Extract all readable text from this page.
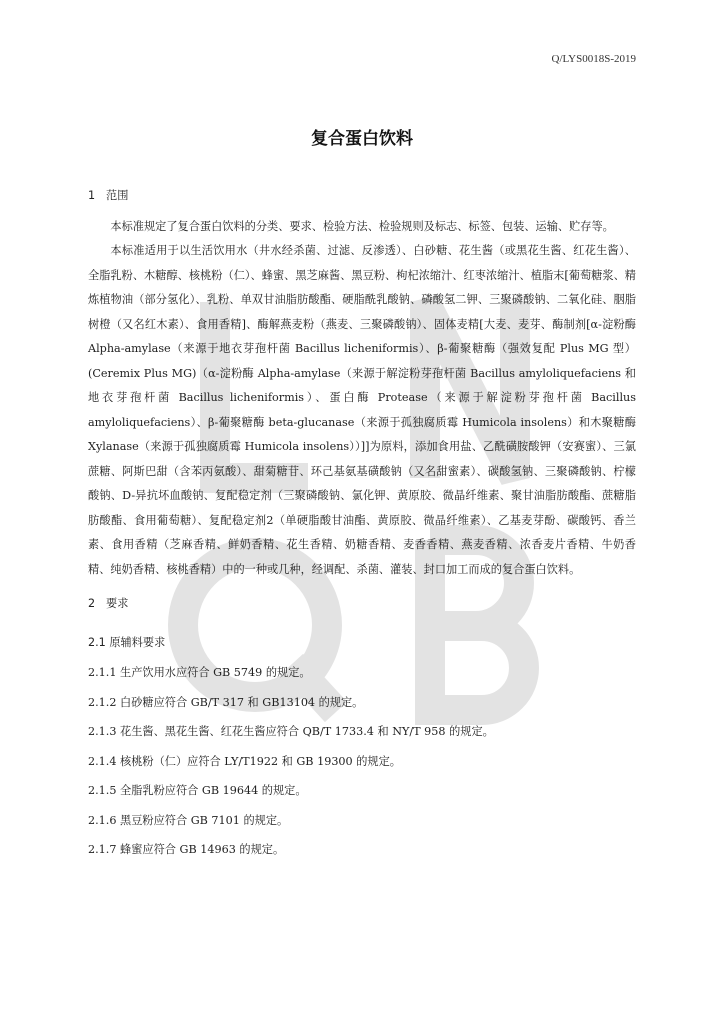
Q/LYS0018S-2019
复合蛋白饮料

1 范围

本标准规定了复合蛋白饮料的分类、要求、检验方法、检验规则及标志、标签、包装、运输、贮存等。

本标准适用于以生活饮用水（井水经杀菌、过滤、反渗透）、白砂糖、花生酱（或黑花生酱、红花生酱）、全脂乳粉、木糖醇、核桃粉（仁）、蜂蜜、黑芝麻酱、黑豆粉、枸杞浓缩汁、红枣浓缩汁、植脂末[葡萄糖浆、精炼植物油（部分氢化）、乳粉、单双甘油脂肪酸酯、硬脂酰乳酸钠、磷酸氢二钾、三聚磷酸钠、二氧化硅、胭脂树橙（又名红木素）、食用香精]、酶解燕麦粉（燕麦、三聚磷酸钠）、固体麦精[大麦、麦芽、酶制剂[α-淀粉酶 Alpha-amylase（来源于地衣芽孢杆菌 Bacillus licheniformis）、β-葡聚糖酶（强效复配 Plus MG 型）(Ceremix Plus MG)（α-淀粉酶 Alpha-amylase（来源于解淀粉芽孢杆菌 Bacillus amyloliquefaciens 和地衣芽孢杆菌 Bacillus licheniformis）、蛋白酶 Protease（来源于解淀粉芽孢杆菌 Bacillus amyloliquefaciens）、β-葡聚糖酶 beta-glucanase（来源于孤独腐质霉 Humicola insolens）和木聚糖酶 Xylanase（来源于孤独腐质霉 Humicola insolens））]]为原料，添加食用盐、乙酰磺胺酸钾（安赛蜜）、三氯蔗糖、阿斯巴甜（含苯丙氨酸）、甜菊糖苷、环己基氨基磺酸钠（又名甜蜜素）、碳酸氢钠、三聚磷酸钠、柠檬酸钠、D-异抗坏血酸钠、复配稳定剂（三聚磷酸钠、氯化钾、黄原胶、微晶纤维素、聚甘油脂肪酸酯、蔗糖脂肪酸酯、食用葡萄糖）、复配稳定剂2（单硬脂酸甘油酯、黄原胶、微晶纤维素）、乙基麦芽酚、碳酸钙、香兰素、食用香精（芝麻香精、鲜奶香精、花生香精、奶糖香精、麦香香精、燕麦香精、浓香麦片香精、牛奶香精、纯奶香精、核桃香精）中的一种或几种，经调配、杀菌、灌装、封口加工而成的复合蛋白饮料。

2 要求

2.1 原辅料要求

2.1.1 生产饮用水应符合 GB 5749 的规定。

2.1.2 白砂糖应符合 GB/T 317 和 GB13104 的规定。

2.1.3 花生酱、黑花生酱、红花生酱应符合 QB/T 1733.4 和 NY/T 958 的规定。

2.1.4 核桃粉（仁）应符合 LY/T1922 和 GB 19300 的规定。

2.1.5 全脂乳粉应符合 GB 19644 的规定。

2.1.6 黑豆粉应符合 GB 7101 的规定。

2.1.7 蜂蜜应符合 GB 14963 的规定。
